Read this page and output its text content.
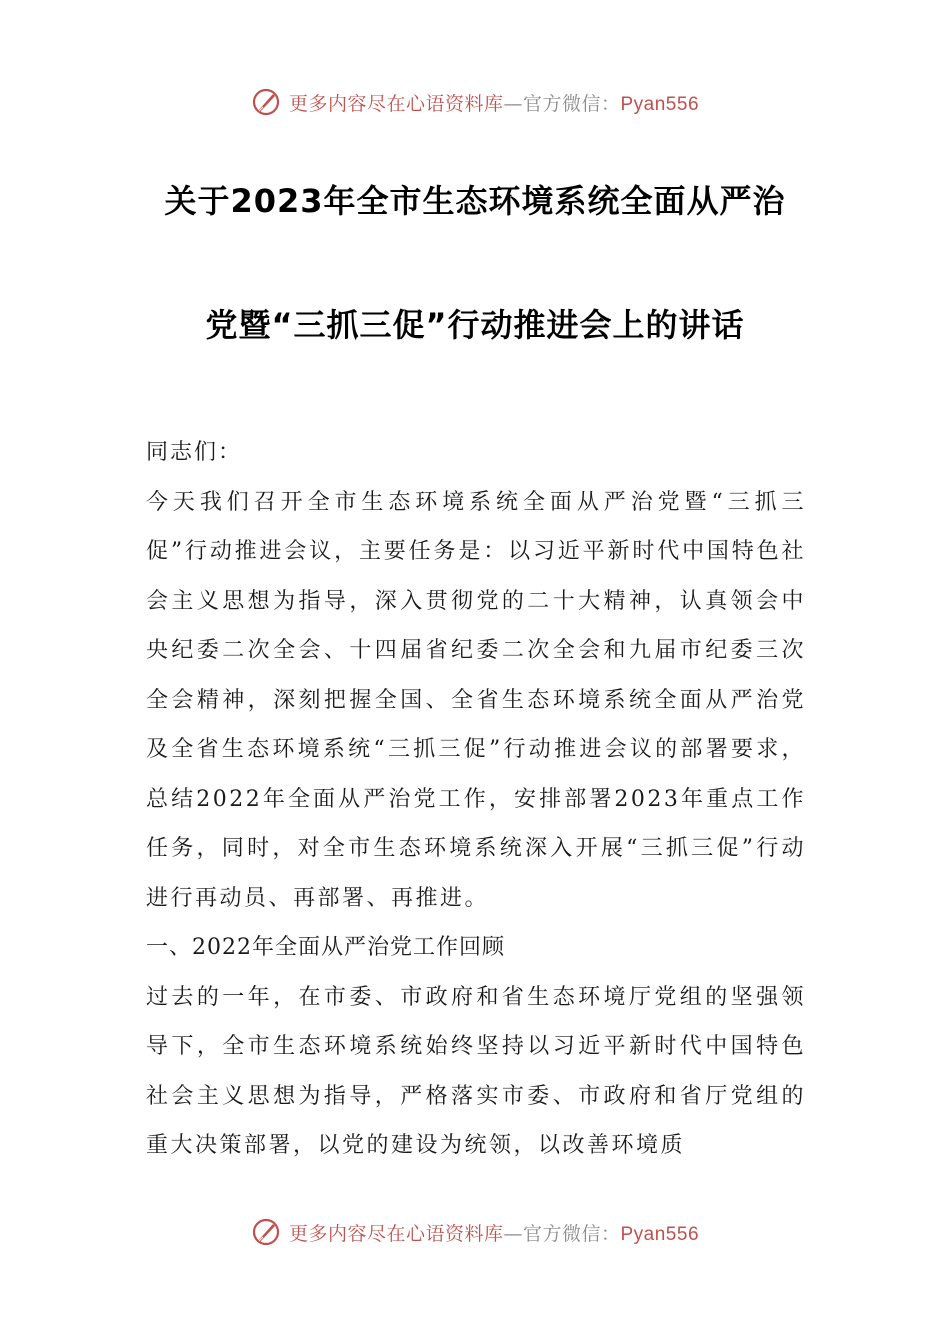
更多内容尽在心语资料库—官方微信：Pyan556
关于2023年全市生态环境系统全面从严治
党暨“三抓三促”行动推进会上的讲话

同志们：

今天我们召开全市生态环境系统全面从严治党暨“三抓三促”行动推进会议，主要任务是：以习近平新时代中国特色社会主义思想为指导，深入贯彻党的二十大精神，认真领会中央纪委二次全会、十四届省纪委二次全会和九届市纪委三次全会精神，深刻把握全国、全省生态环境系统全面从严治党及全省生态环境系统“三抓三促”行动推进会议的部署要求，总结2022年全面从严治党工作，安排部署2023年重点工作任务，同时，对全市生态环境系统深入开展“三抓三促”行动进行再动员、再部署、再推进。

一、2022年全面从严治党工作回顾

过去的一年，在市委、市政府和省生态环境厅党组的坚强领导下，全市生态环境系统始终坚持以习近平新时代中国特色社会主义思想为指导，严格落实市委、市政府和省厅党组的重大决策部署，以党的建设为统领，以改善环境质

更多内容尽在心语资料库—官方微信：Pyan556
